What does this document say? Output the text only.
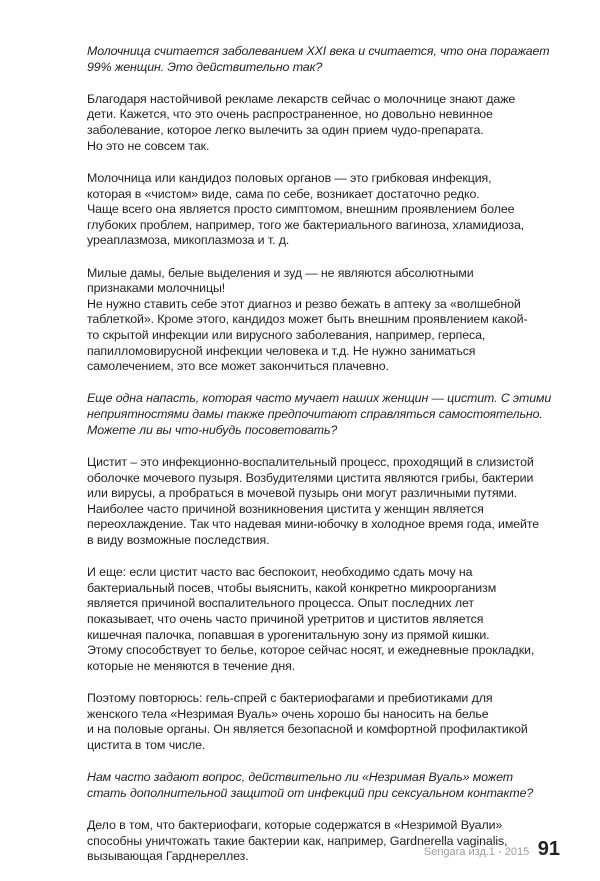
Молочница считается заболеванием XXI века и считается, что она поражает
99% женщин. Это действительно так?

Благодаря настойчивой рекламе лекарств сейчас о молочнице знают даже
дети. Кажется, что это очень распространенное, но довольно невинное
заболевание, которое легко вылечить за один прием чудо-препарата.
Но это не совсем так.

Молочница или кандидоз половых органов — это грибковая инфекция,
которая в «чистом» виде, сама по себе, возникает достаточно редко.
Чаще всего она является просто симптомом, внешним проявлением более
глубоких проблем, например, того же бактериального вагиноза, хламидиоза,
уреаплазмоза, микоплазмоза и т. д.

Милые дамы, белые выделения и зуд — не являются абсолютными
признаками молочницы!
Не нужно ставить себе этот диагноз и резво бежать в аптеку за «волшебной
таблеткой». Кроме этого, кандидоз может быть внешним проявлением какой-
то скрытой инфекции или вирусного заболевания, например, герпеса,
папилломовирусной инфекции человека и т.д. Не нужно заниматься
самолечением, это все может закончиться плачевно.

Еще одна напасть, которая часто мучает наших женщин — цистит. С этими
неприятностями дамы также предпочитают справляться самостоятельно.
Можете ли вы что-нибудь посоветовать?

Цистит – это инфекционно-воспалительный процесс, проходящий в слизистой
оболочке мочевого пузыря. Возбудителями цистита являются грибы, бактерии
или вирусы, а пробраться в мочевой пузырь они могут различными путями.
Наиболее часто причиной возникновения цистита у женщин является
переохлаждение. Так что надевая мини-юбочку в холодное время года, имейте
в виду возможные последствия.

И еще: если цистит часто вас беспокоит, необходимо сдать мочу на
бактериальный посев, чтобы выяснить, какой конкретно микроорганизм
является причиной воспалительного процесса. Опыт последних лет
показывает, что очень часто причиной уретритов и циститов является
кишечная палочка, попавшая в урогенитальную зону из прямой кишки.
Этому способствует то белье, которое сейчас носят, и ежедневные прокладки,
которые не меняются в течение дня.

Поэтому повторюсь: гель-спрей с бактериофагами и пребиотиками для
женского тела «Незримая Вуаль» очень хорошо бы наносить на белье
и на половые органы. Он является безопасной и комфортной профилактикой
цистита в том числе.

Нам часто задают вопрос, действительно ли «Незримая Вуаль» может
стать дополнительной защитой от инфекций при сексуальном контакте?

Дело в том, что бактериофаги, которые содержатся в «Незримой Вуали»
способны уничтожать такие бактерии как, например, Gardnerella vaginalis,
вызывающая Гарднереллез.	Sengara изд.1 - 2015 91
